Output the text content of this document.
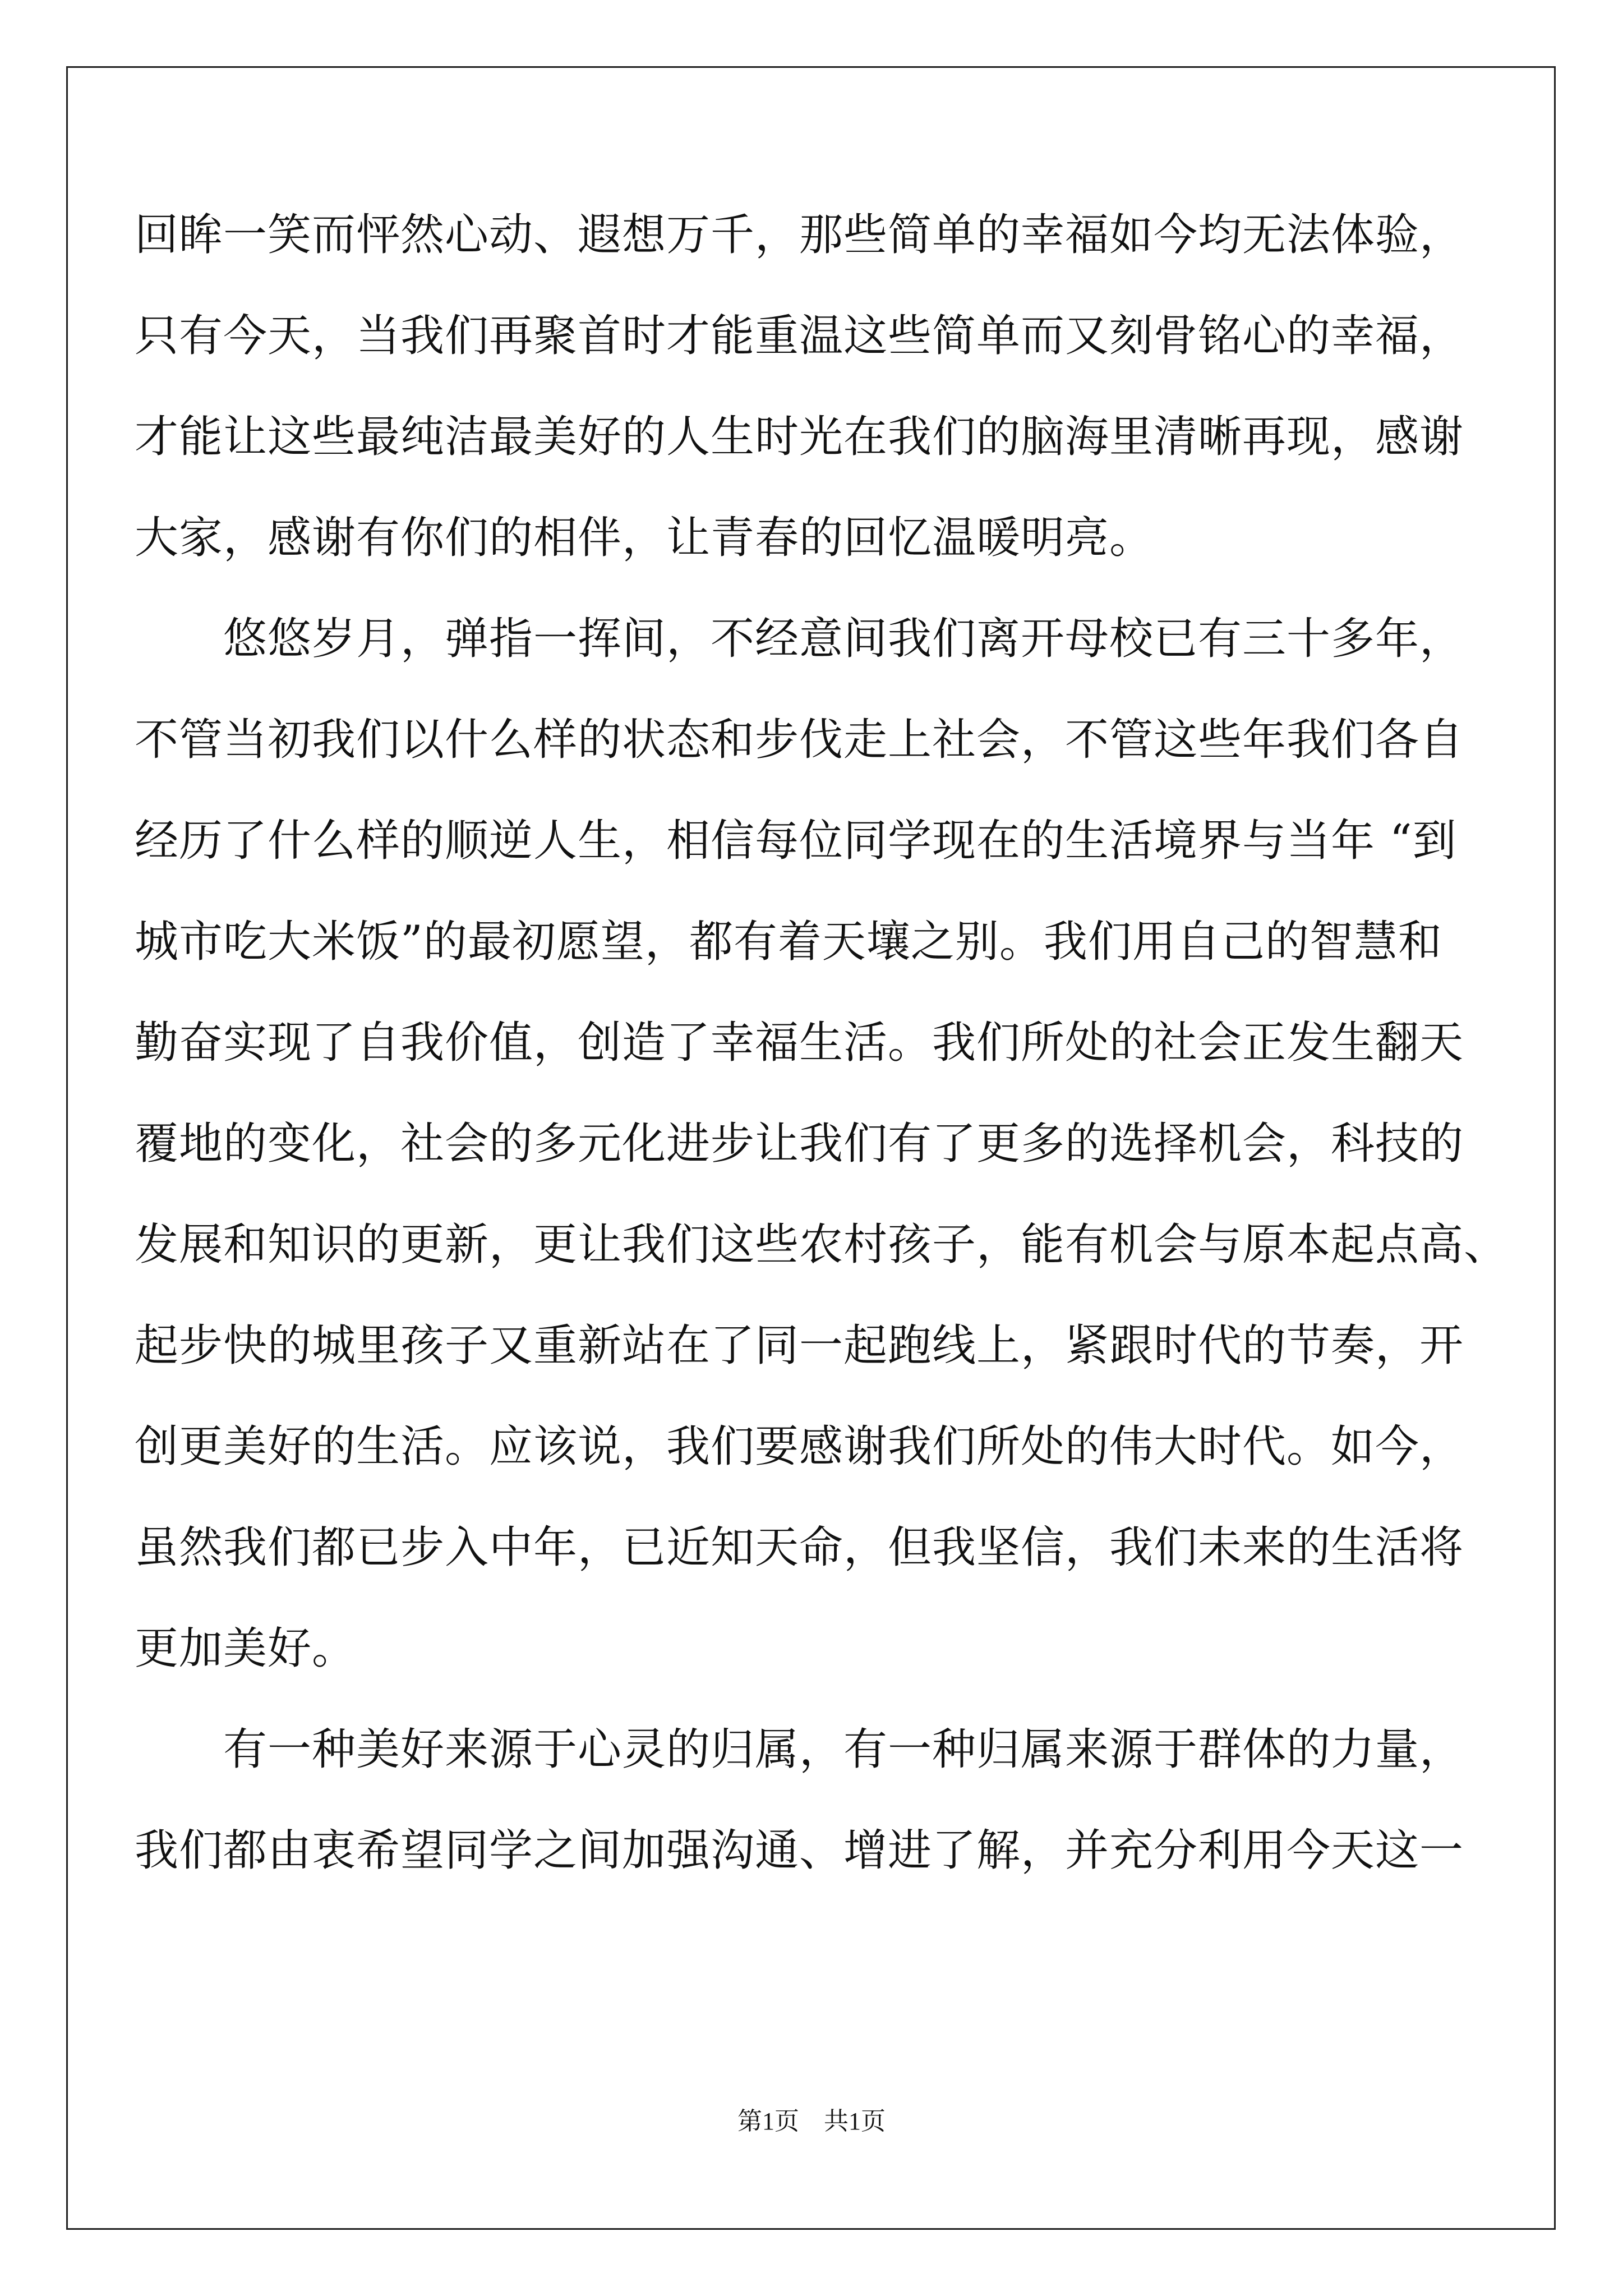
回眸一笑而怦然心动、遐想万千，那些简单的幸福如今均无法体验，
只有今天，当我们再聚首时才能重温这些简单而又刻骨铭心的幸福，
才能让这些最纯洁最美好的人生时光在我们的脑海里清晰再现，感谢
大家，感谢有你们的相伴，让青春的回忆温暖明亮。
　　悠悠岁月，弹指一挥间，不经意间我们离开母校已有三十多年，
不管当初我们以什么样的状态和步伐走上社会，不管这些年我们各自
经历了什么样的顺逆人生，相信每位同学现在的生活境界与当年 “到
城市吃大米饭”的最初愿望，都有着天壤之别。我们用自己的智慧和
勤奋实现了自我价值，创造了幸福生活。我们所处的社会正发生翻天
覆地的变化，社会的多元化进步让我们有了更多的选择机会，科技的
发展和知识的更新，更让我们这些农村孩子，能有机会与原本起点高、
起步快的城里孩子又重新站在了同一起跑线上，紧跟时代的节奏，开
创更美好的生活。应该说，我们要感谢我们所处的伟大时代。如今，
虽然我们都已步入中年，已近知天命，但我坚信，我们未来的生活将
更加美好。
　　有一种美好来源于心灵的归属，有一种归属来源于群体的力量，
我们都由衷希望同学之间加强沟通、增进了解，并充分利用今天这一
第1页　共1页
